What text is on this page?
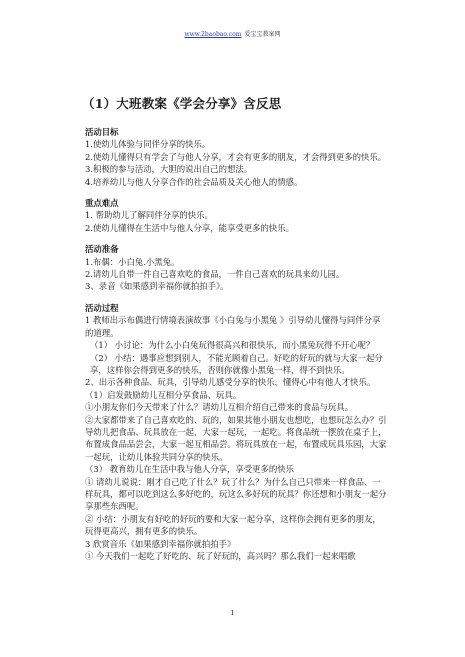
www.2baobao.com 爱宝宝教案网
（1）大班教案《学会分享》含反思
活动目标
1.使幼儿体验与同伴分享的快乐。
2.使幼儿懂得只有学会了与他人分享，才会有更多的朋友，才会得到更多的快乐。
3.积极的参与活动，大胆的说出自己的想法。
4.培养幼儿与他人分享合作的社会品质及关心他人的情感。
重点难点
1. 帮助幼儿了解同伴分享的快乐。
2.使幼儿懂得在生活中与他人分享，能享受更多的快乐。
活动准备
1.布偶：小白兔.小黑兔。
2.请幼儿自带一件自己喜欢吃的食品，一件自己喜欢的玩具来幼儿园。
3、录音《如果感到幸福你就拍拍手》。
活动过程
1 教师出示布偶进行情境表演故事《小白兔与小黑兔 》引导幼儿懂得与同伴分享的道理。
（1） 小讨论：为什么小白兔玩得很高兴和很快乐，而小黑兔玩得不开心呢？
（2） 小结：遇事应想到别人，不能光顾着自己。好吃的好玩的就与大家一起分享，这样你会得到更多的快乐，否则你就像小黑兔一样，得不到快乐。
2、出示各种食品、玩具，引导幼儿感受分享的快乐，懂得心中有他人才快乐。
（1）启发鼓励幼儿互相分享食品、玩具。
①小朋友你们今天带来了什么？请幼儿互相介绍自己带来的食品与玩具。
②大家都带来了自己喜欢吃的、玩的，如果其他小朋友也想吃，也想玩怎么办？引导幼儿把食品、玩具放在一起，大家一起玩，一起吃。将食品统一摆放在桌子上，布置成食品品尝会，大家一起互相品尝。将玩具放在一起，布置成玩具乐园，大家一起玩，让幼儿体验共同分享的快乐。
（3） 教育幼儿在生活中我与他人分享，享受更多的快乐
① 请幼儿说说：刚才自己吃了什么？玩了什么？为什么自己只带来一样食品、一样玩具，都可以吃到这么多好吃的，玩这么多好玩的玩具？你还想和小朋友一起分享那些东西呢。
② 小结：小朋友有好吃的好玩的要和大家一起分享，这样你会拥有更多的朋友，玩得更高兴，拥有更多的快乐。
3 欣赏音乐《如果感到幸福你就拍拍手》
① 今天我们一起吃了好吃的、玩了好玩的，高兴吗？那么我们一起来唱歌
1
